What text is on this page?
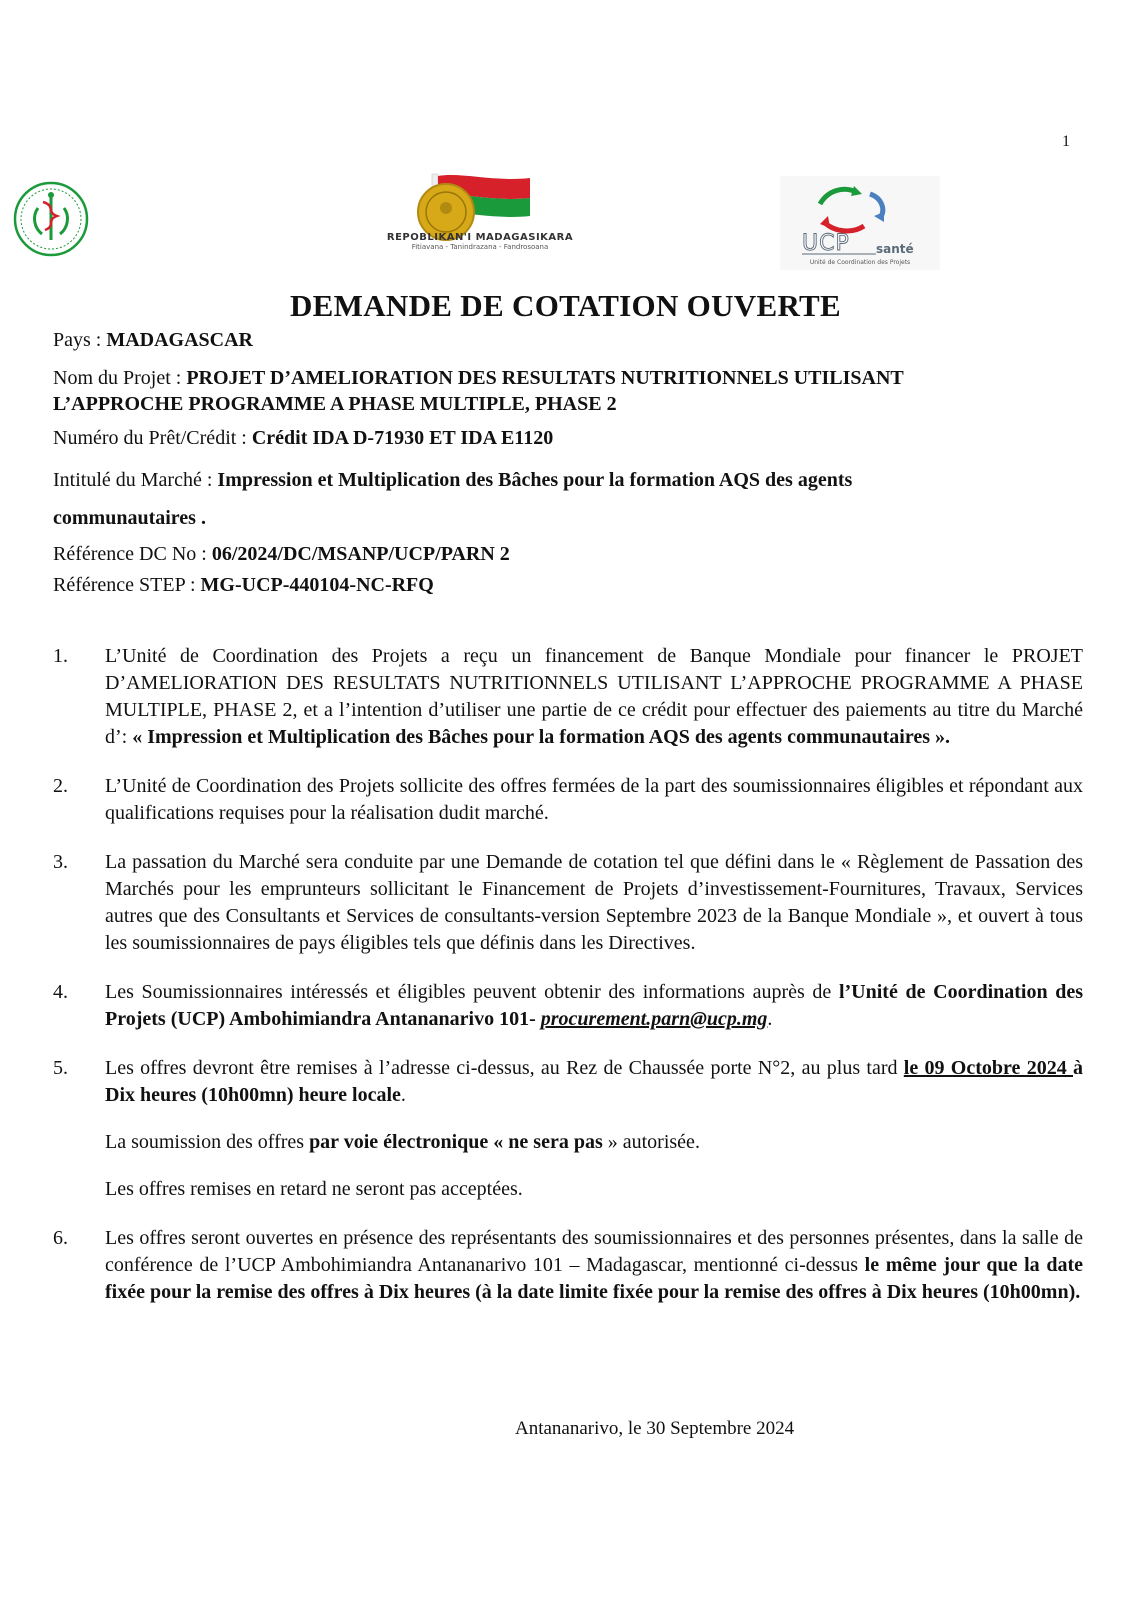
1
REPOBLIKAN'I MADAGASIKARA
Fitiavana - Tanindrazana - Fandrosoana	UCP santé
Unité de Coordination des Projets
DEMANDE DE COTATION OUVERTE
Pays : MADAGASCAR
Nom du Projet : PROJET D’AMELIORATION DES RESULTATS NUTRITIONNELS UTILISANT
L’APPROCHE PROGRAMME A PHASE MULTIPLE, PHASE 2
Numéro du Prêt/Crédit : Crédit IDA D-71930 ET IDA E1120
Intitulé du Marché : Impression et Multiplication des Bâches pour la formation AQS des agents
communautaires .
Référence DC No : 06/2024/DC/MSANP/UCP/PARN 2
Référence STEP : MG-UCP-440104-NC-RFQ
1.	L’Unité de Coordination des Projets a reçu un financement de Banque Mondiale pour financer le PROJET D’AMELIORATION DES RESULTATS NUTRITIONNELS UTILISANT L’APPROCHE PROGRAMME A PHASE MULTIPLE, PHASE 2, et a l’intention d’utiliser une partie de ce crédit pour effectuer des paiements au titre du Marché d’: « Impression et Multiplication des Bâches pour la formation AQS des agents communautaires ».
2.	L’Unité de Coordination des Projets sollicite des offres fermées de la part des soumissionnaires éligibles et répondant aux qualifications requises pour la réalisation dudit marché.
3.	La passation du Marché sera conduite par une Demande de cotation tel que défini dans le « Règlement de Passation des Marchés pour les emprunteurs sollicitant le Financement de Projets d’investissement-Fournitures, Travaux, Services autres que des Consultants et Services de consultants-version Septembre 2023 de la Banque Mondiale », et ouvert à tous les soumissionnaires de pays éligibles tels que définis dans les Directives.
4.	Les Soumissionnaires intéressés et éligibles peuvent obtenir des informations auprès de l’Unité de Coordination des Projets (UCP) Ambohimiandra Antananarivo 101- procurement.parn@ucp.mg.
5.	Les offres devront être remises à l’adresse ci-dessus, au Rez de Chaussée porte N°2, au plus tard le 09 Octobre 2024 à Dix heures (10h00mn) heure locale.

La soumission des offres par voie électronique « ne sera pas » autorisée.

Les offres remises en retard ne seront pas acceptées.

6.	Les offres seront ouvertes en présence des représentants des soumissionnaires et des personnes présentes, dans la salle de conférence de l’UCP Ambohimiandra Antananarivo 101 – Madagascar, mentionné ci-dessus le même jour que la date fixée pour la remise des offres à Dix heures (à la date limite fixée pour la remise des offres à Dix heures (10h00mn).
Antananarivo, le 30 Septembre 2024
